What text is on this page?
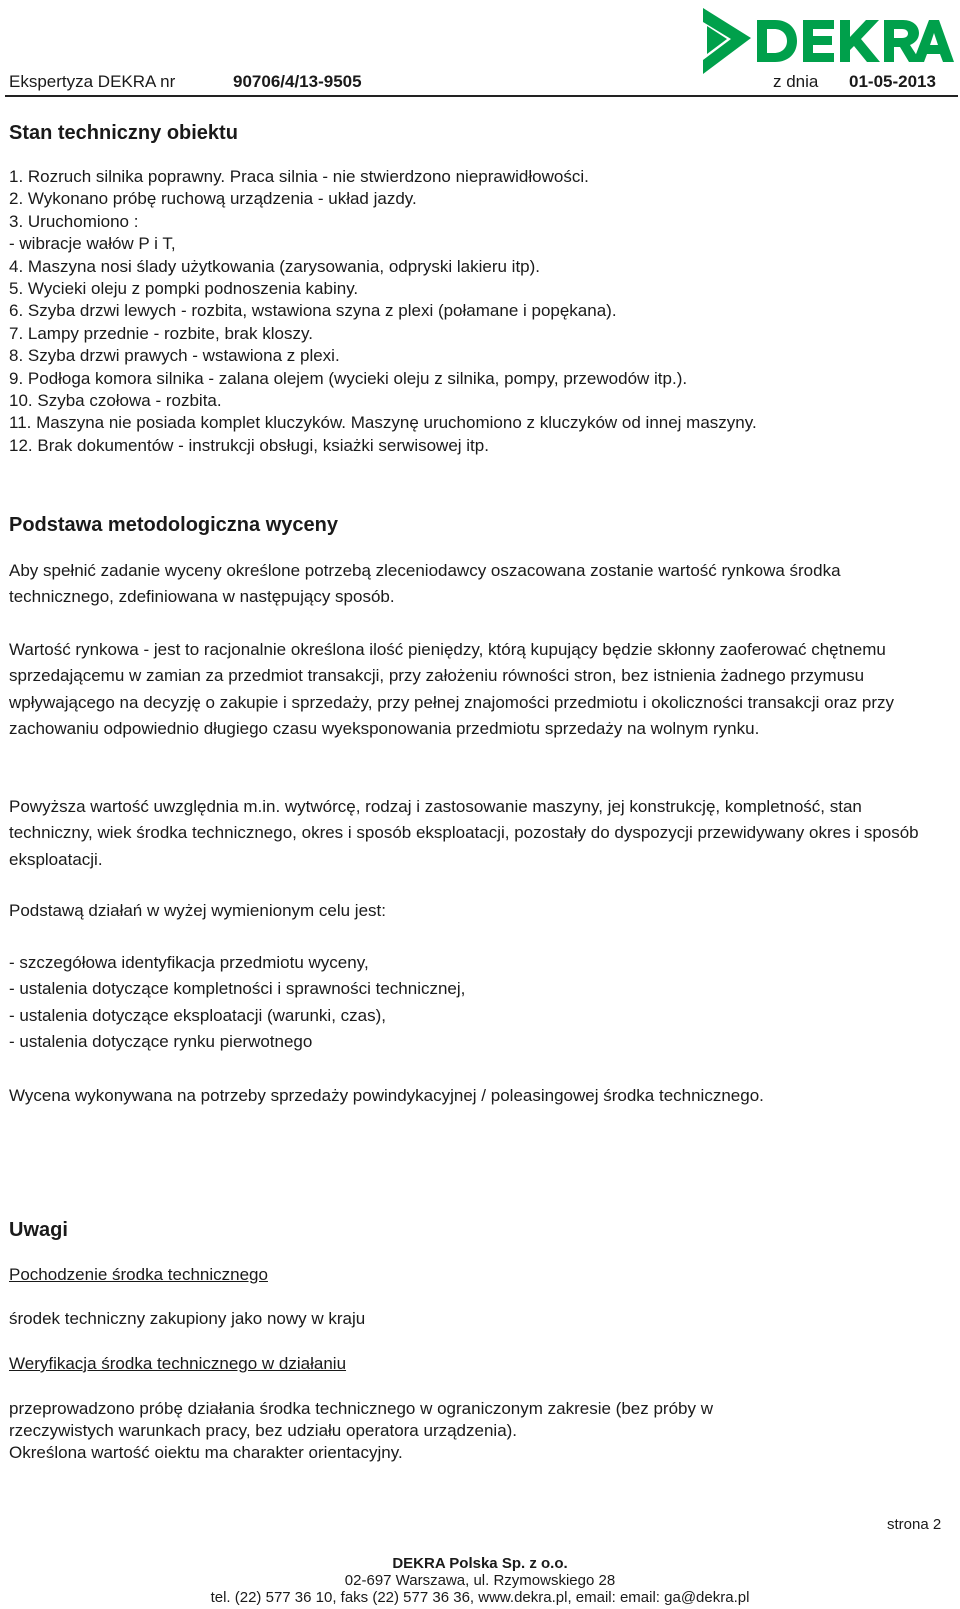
Ekspertyza DEKRA nr	90706/4/13-9505	z dnia 01-05-2013
Stan techniczny obiektu
1. Rozruch silnika poprawny. Praca silnia - nie stwierdzono nieprawidłowości.
2. Wykonano próbę ruchową urządzenia - układ jazdy.
3. Uruchomiono :
- wibracje wałów P i T,
4. Maszyna nosi ślady użytkowania (zarysowania, odpryski lakieru itp).
5. Wycieki oleju z pompki podnoszenia kabiny.
6. Szyba drzwi lewych - rozbita, wstawiona szyna z plexi (połamane i popękana).
7. Lampy przednie - rozbite, brak kloszy.
8. Szyba drzwi prawych - wstawiona z plexi.
9. Podłoga komora silnika - zalana olejem (wycieki oleju z silnika, pompy, przewodów itp.).
10. Szyba czołowa - rozbita.
11. Maszyna nie posiada komplet kluczyków. Maszynę uruchomiono z kluczyków od innej maszyny.
12. Brak dokumentów - instrukcji obsługi, ksiażki serwisowej itp.
Podstawa metodologiczna wyceny

Aby spełnić zadanie wyceny określone potrzebą zleceniodawcy oszacowana zostanie wartość rynkowa środka technicznego, zdefiniowana w następujący sposób.

Wartość rynkowa - jest to racjonalnie określona ilość pieniędzy, którą kupujący będzie skłonny zaoferować chętnemu sprzedającemu w zamian za przedmiot transakcji, przy założeniu równości stron, bez istnienia żadnego przymusu wpływającego na decyzję o zakupie i sprzedaży, przy pełnej znajomości przedmiotu i okoliczności transakcji oraz przy zachowaniu odpowiednio długiego czasu wyeksponowania przedmiotu sprzedaży na wolnym rynku.

Powyższa wartość uwzględnia m.in. wytwórcę, rodzaj i zastosowanie maszyny, jej konstrukcję, kompletność, stan techniczny, wiek środka technicznego, okres i sposób eksploatacji, pozostały do dyspozycji przewidywany okres i sposób eksploatacji.

Podstawą działań w wyżej wymienionym celu jest:

- szczegółowa identyfikacja przedmiotu wyceny,
- ustalenia dotyczące kompletności i sprawności technicznej,
- ustalenia dotyczące eksploatacji (warunki, czas),
- ustalenia dotyczące rynku pierwotnego

Wycena wykonywana na potrzeby sprzedaży powindykacyjnej / poleasingowej środka technicznego.

Uwagi
Pochodzenie środka technicznego
środek techniczny zakupiony jako nowy w kraju
Weryfikacja środka technicznego w działaniu
przeprowadzono próbę działania środka technicznego w ograniczonym zakresie (bez próby w
rzeczywistych warunkach pracy, bez udziału operatora urządzenia).
Określona wartość oiektu ma charakter orientacyjny.
strona 2
DEKRA Polska Sp. z o.o.
02-697 Warszawa, ul. Rzymowskiego 28
tel. (22) 577 36 10, faks (22) 577 36 36, www.dekra.pl, email: email: ga@dekra.pl
